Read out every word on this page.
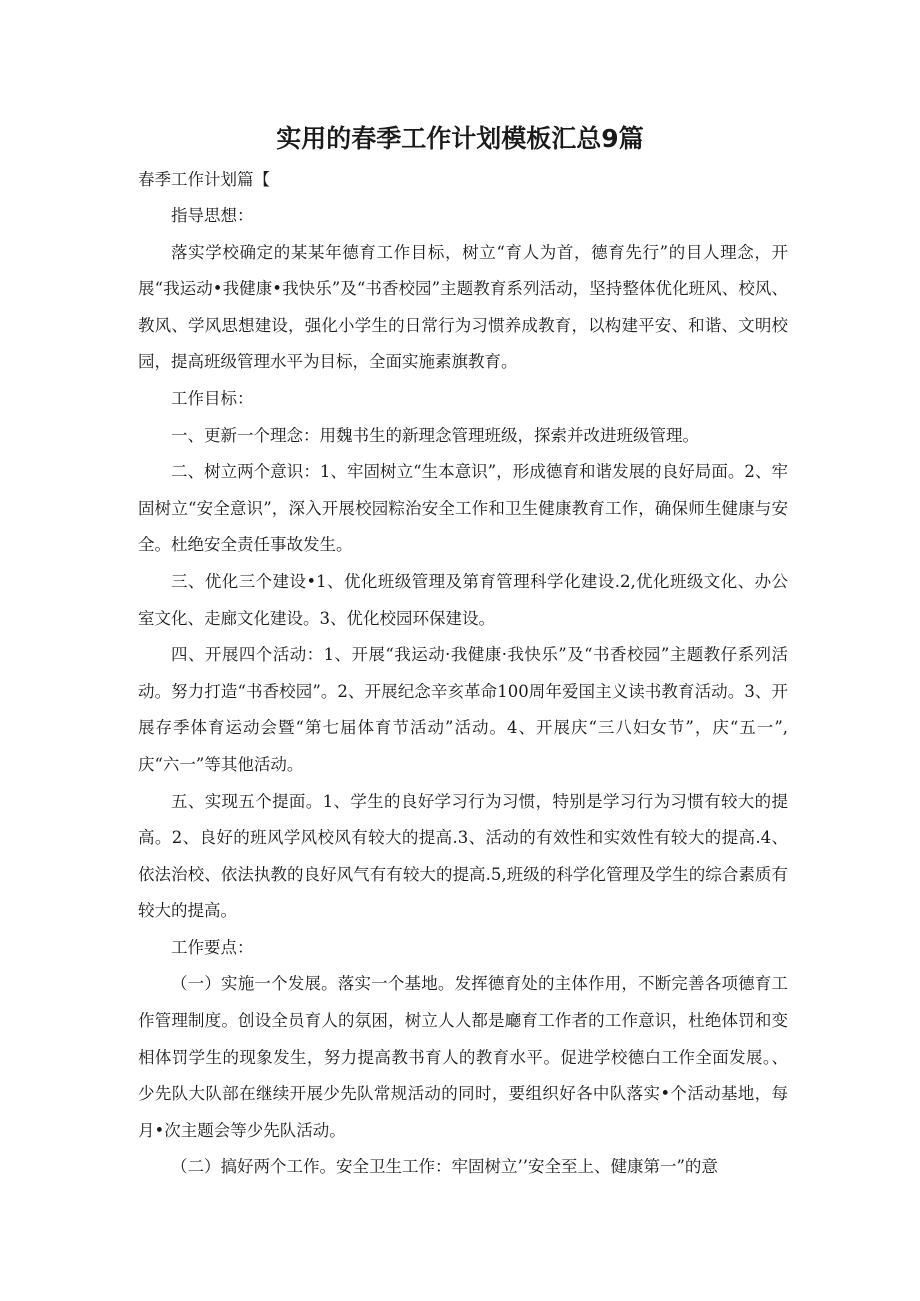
实用的春季工作计划模板汇总9篇

春季工作计划篇【

指导思想：

落实学校确定的某某年德育工作目标，树立“育人为首，德育先行”的目人理念，开展“我运动•我健康•我快乐”及“书香校园”主题教育系列活动，坚持整体优化班风、校风、教风、学风思想建设，强化小学生的日常行为习惯养成教育，以构建平安、和谐、文明校园，提高班级管理水平为目标，全面实施素旗教育。

工作目标：

一、更新一个理念：用魏书生的新理念管理班级，探索并改进班级管理。

二、树立两个意识：1、牢固树立“生本意识”，形成德育和谐发展的良好局面。2、牢固树立“安全意识”，深入开展校园粽治安全工作和卫生健康教育工作，确保师生健康与安全。杜绝安全责任事故发生。

三、优化三个建设•1、优化班级管理及第育管理科学化建设.2,优化班级文化、办公室文化、走廊文化建设。3、优化校园环保建设。

四、开展四个活动：1、开展“我运动·我健康·我快乐”及“书香校园”主题教仔系列活动。努力打造“书香校园”。2、开展纪念辛亥革命100周年爱国主义读书教育活动。3、开展存季体育运动会暨“第七届体育节活动”活动。4、开展庆“三八妇女节”，庆“五一”,庆“六一”等其他活动。

五、实现五个提面。1、学生的良好学习行为习惯，特别是学习行为习惯有较大的提高。2、良好的班风学风校风有较大的提高.3、活动的有效性和实效性有较大的提高.4、依法治校、依法执教的良好风气有有较大的提高.5,班级的科学化管理及学生的综合素质有较大的提高。

工作要点：

（一）实施一个发展。落实一个基地。发挥德育处的主体作用，不断完善各项德育工作管理制度。创设全员育人的氛困，树立人人都是廰育工作者的工作意识，杜绝体罚和变相体罚学生的现象发生，努力提高教书育人的教育水平。促进学校德白工作全面发展。、少先队大队部在继续开展少先队常规活动的同时，要组织好各中队落实•个活动基地，每月•次主题会等少先队活动。

（二）搞好两个工作。安全卫生工作：牢固树立’’安全至上、健康第一”的意
